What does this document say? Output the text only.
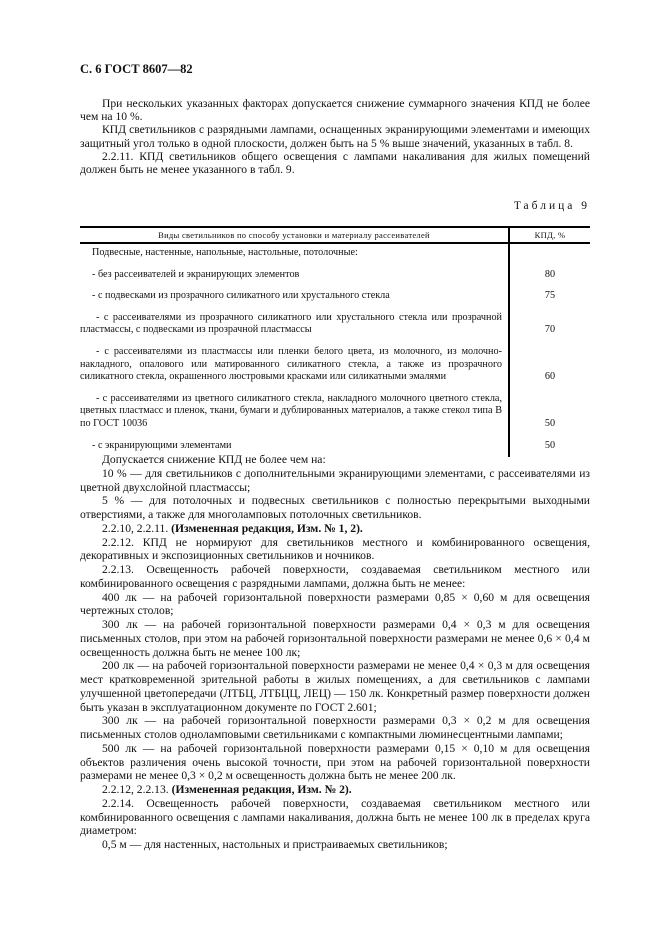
С. 6 ГОСТ 8607—82

При нескольких указанных факторах допускается снижение суммарного значения КПД не более чем на 10 %.

КПД светильников с разрядными лампами, оснащенных экранирующими элементами и имеющих защитный угол только в одной плоскости, должен быть на 5 % выше значений, указанных в табл. 8.

2.2.11. КПД светильников общего освещения с лампами накаливания для жилых помещений должен быть не менее указанного в табл. 9.

Таблица 9
Виды светильников по способу установки и материалу рассеивателей	КПД, %

Подвесные, настенные, напольные, настольные, потолочные:	

- без рассеивателей и экранирующих элементов	80

- с подвесками из прозрачного силикатного или хрустального стекла	75

- с рассеивателями из прозрачного силикатного или хрустального стекла или прозрачной пластмассы, с подвесками из прозрачной пластмассы	70

- с рассеивателями из пластмассы или пленки белого цвета, из молочного, из молочно-накладного, опалового или матированного силикатного стекла, а также из прозрачного силикатного стекла, окрашенного люстровыми красками или силикатными эмалями	60

- с рассеивателями из цветного силикатного стекла, накладного молочного цветного стекла, цветных пластмасс и пленок, ткани, бумаги и дублированных материалов, а также стекол типа В по ГОСТ 10036	50

- с экранирующими элементами	50

Допускается снижение КПД не более чем на:

10 % — для светильников с дополнительными экранирующими элементами, с рассеивателями из цветной двухслойной пластмассы;

5 % — для потолочных и подвесных светильников с полностью перекрытыми выходными отверстиями, а также для многоламповых потолочных светильников.

2.2.10, 2.2.11. (Измененная редакция, Изм. № 1, 2).

2.2.12. КПД не нормируют для светильников местного и комбинированного освещения, декоративных и экспозиционных светильников и ночников.

2.2.13. Освещенность рабочей поверхности, создаваемая светильником местного или комбинированного освещения с разрядными лампами, должна быть не менее:

400 лк — на рабочей горизонтальной поверхности размерами 0,85 × 0,60 м для освещения чертежных столов;

300 лк — на рабочей горизонтальной поверхности размерами 0,4 × 0,3 м для освещения письменных столов, при этом на рабочей горизонтальной поверхности размерами не менее 0,6 × 0,4 м освещенность должна быть не менее 100 лк;

200 лк — на рабочей горизонтальной поверхности размерами не менее 0,4 × 0,3 м для освещения мест кратковременной зрительной работы в жилых помещениях, а для светильников с лампами улучшенной цветопередачи (ЛТБЦ, ЛТБЦЦ, ЛЕЦ) — 150 лк. Конкретный размер поверхности должен быть указан в эксплуатационном документе по ГОСТ 2.601;

300 лк — на рабочей горизонтальной поверхности размерами 0,3 × 0,2 м для освещения письменных столов одноламповыми светильниками с компактными люминесцентными лампами;

500 лк — на рабочей горизонтальной поверхности размерами 0,15 × 0,10 м для освещения объектов различения очень высокой точности, при этом на рабочей горизонтальной поверхности размерами не менее 0,3 × 0,2 м освещенность должна быть не менее 200 лк.

2.2.12, 2.2.13. (Измененная редакция, Изм. № 2).

2.2.14. Освещенность рабочей поверхности, создаваемая светильником местного или комбинированного освещения с лампами накаливания, должна быть не менее 100 лк в пределах круга диаметром:

0,5 м — для настенных, настольных и пристраиваемых светильников;
